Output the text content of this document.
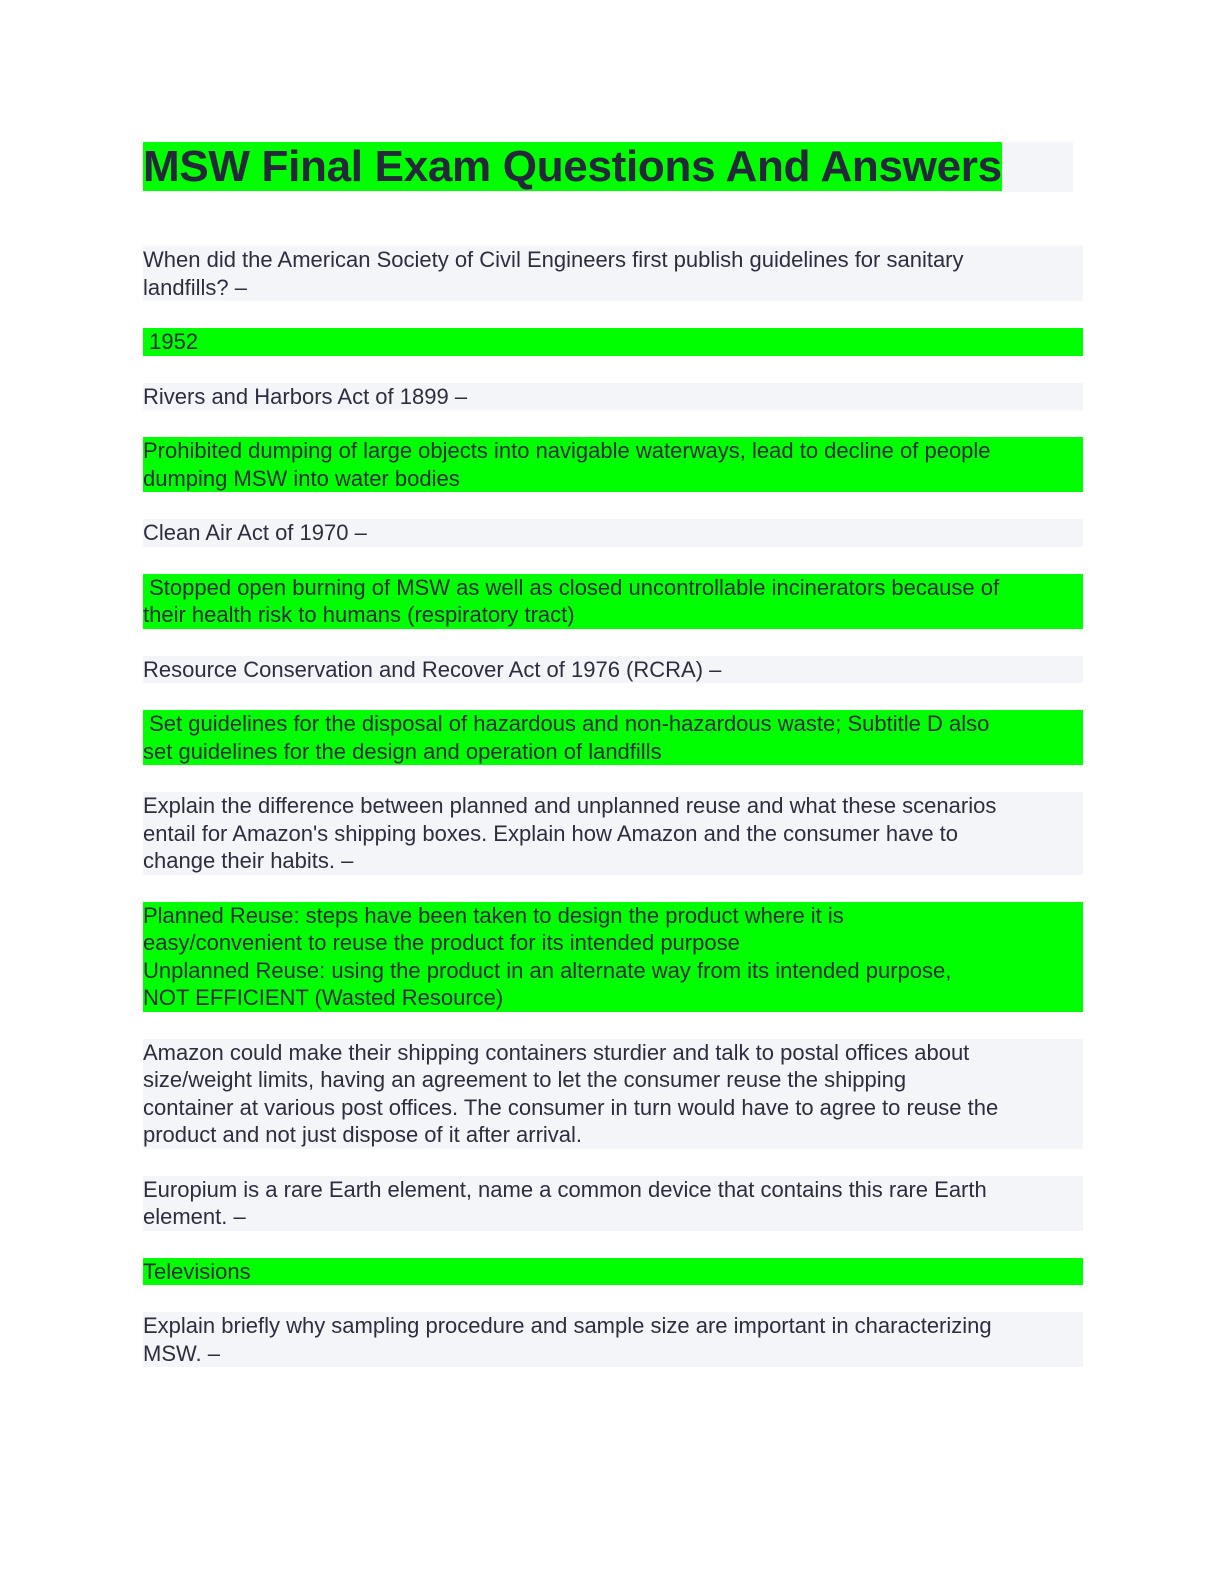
MSW Final Exam Questions And Answers
When did the American Society of Civil Engineers first publish guidelines for sanitary
landfills? –
1952
Rivers and Harbors Act of 1899 –
Prohibited dumping of large objects into navigable waterways, lead to decline of people
dumping MSW into water bodies
Clean Air Act of 1970 –
Stopped open burning of MSW as well as closed uncontrollable incinerators because of
their health risk to humans (respiratory tract)
Resource Conservation and Recover Act of 1976 (RCRA) –
Set guidelines for the disposal of hazardous and non-hazardous waste; Subtitle D also
set guidelines for the design and operation of landfills
Explain the difference between planned and unplanned reuse and what these scenarios
entail for Amazon's shipping boxes. Explain how Amazon and the consumer have to
change their habits. –
Planned Reuse: steps have been taken to design the product where it is
easy/convenient to reuse the product for its intended purpose
Unplanned Reuse: using the product in an alternate way from its intended purpose,
NOT EFFICIENT (Wasted Resource)
Amazon could make their shipping containers sturdier and talk to postal offices about
size/weight limits, having an agreement to let the consumer reuse the shipping
container at various post offices. The consumer in turn would have to agree to reuse the
product and not just dispose of it after arrival.
Europium is a rare Earth element, name a common device that contains this rare Earth
element. –
Televisions
Explain briefly why sampling procedure and sample size are important in characterizing
MSW. –
